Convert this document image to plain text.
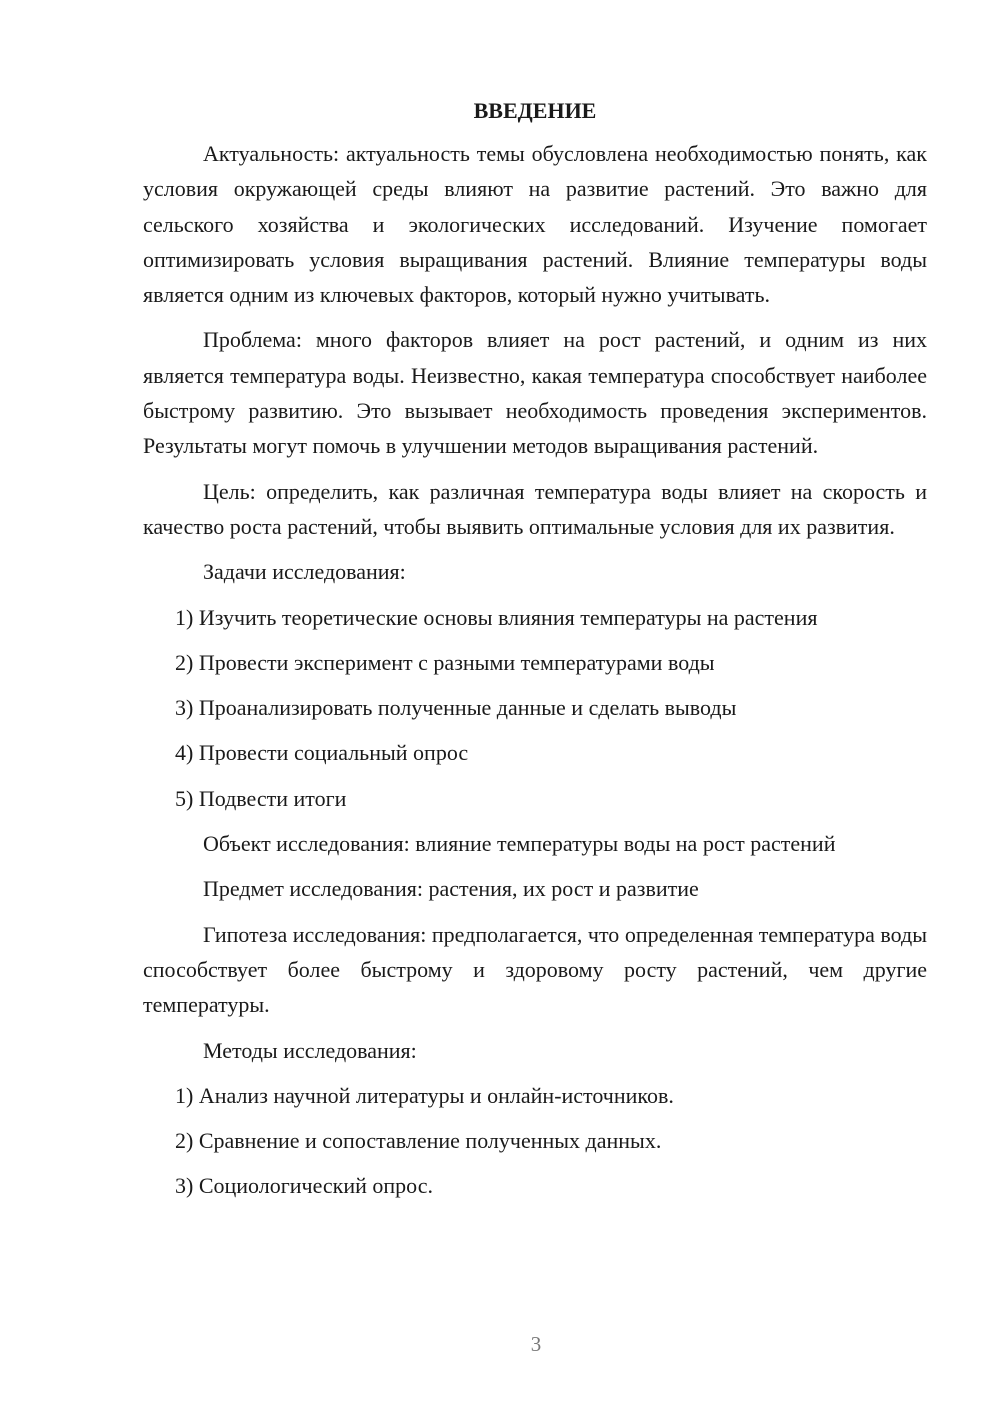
ВВЕДЕНИЕ

Актуальность: актуальность темы обусловлена необходимостью понять, как условия окружающей среды влияют на развитие растений. Это важно для сельского хозяйства и экологических исследований. Изучение помогает оптимизировать условия выращивания растений. Влияние температуры воды является одним из ключевых факторов, который нужно учитывать.

Проблема: много факторов влияет на рост растений, и одним из них является температура воды. Неизвестно, какая температура способствует наиболее быстрому развитию. Это вызывает необходимость проведения экспериментов. Результаты могут помочь в улучшении методов выращивания растений.

Цель: определить, как различная температура воды влияет на скорость и качество роста растений, чтобы выявить оптимальные условия для их развития.

Задачи исследования:
1) Изучить теоретические основы влияния температуры на растения
2) Провести эксперимент с разными температурами воды
3) Проанализировать полученные данные и сделать выводы
4) Провести социальный опрос
5) Подвести итоги
Объект исследования: влияние температуры воды на рост растений
Предмет исследования: растения, их рост и развитие

Гипотеза исследования: предполагается, что определенная температура воды способствует более быстрому и здоровому росту растений, чем другие температуры.

Методы исследования:
1) Анализ научной литературы и онлайн-источников.
2) Сравнение и сопоставление полученных данных.
3) Социологический опрос.
3
